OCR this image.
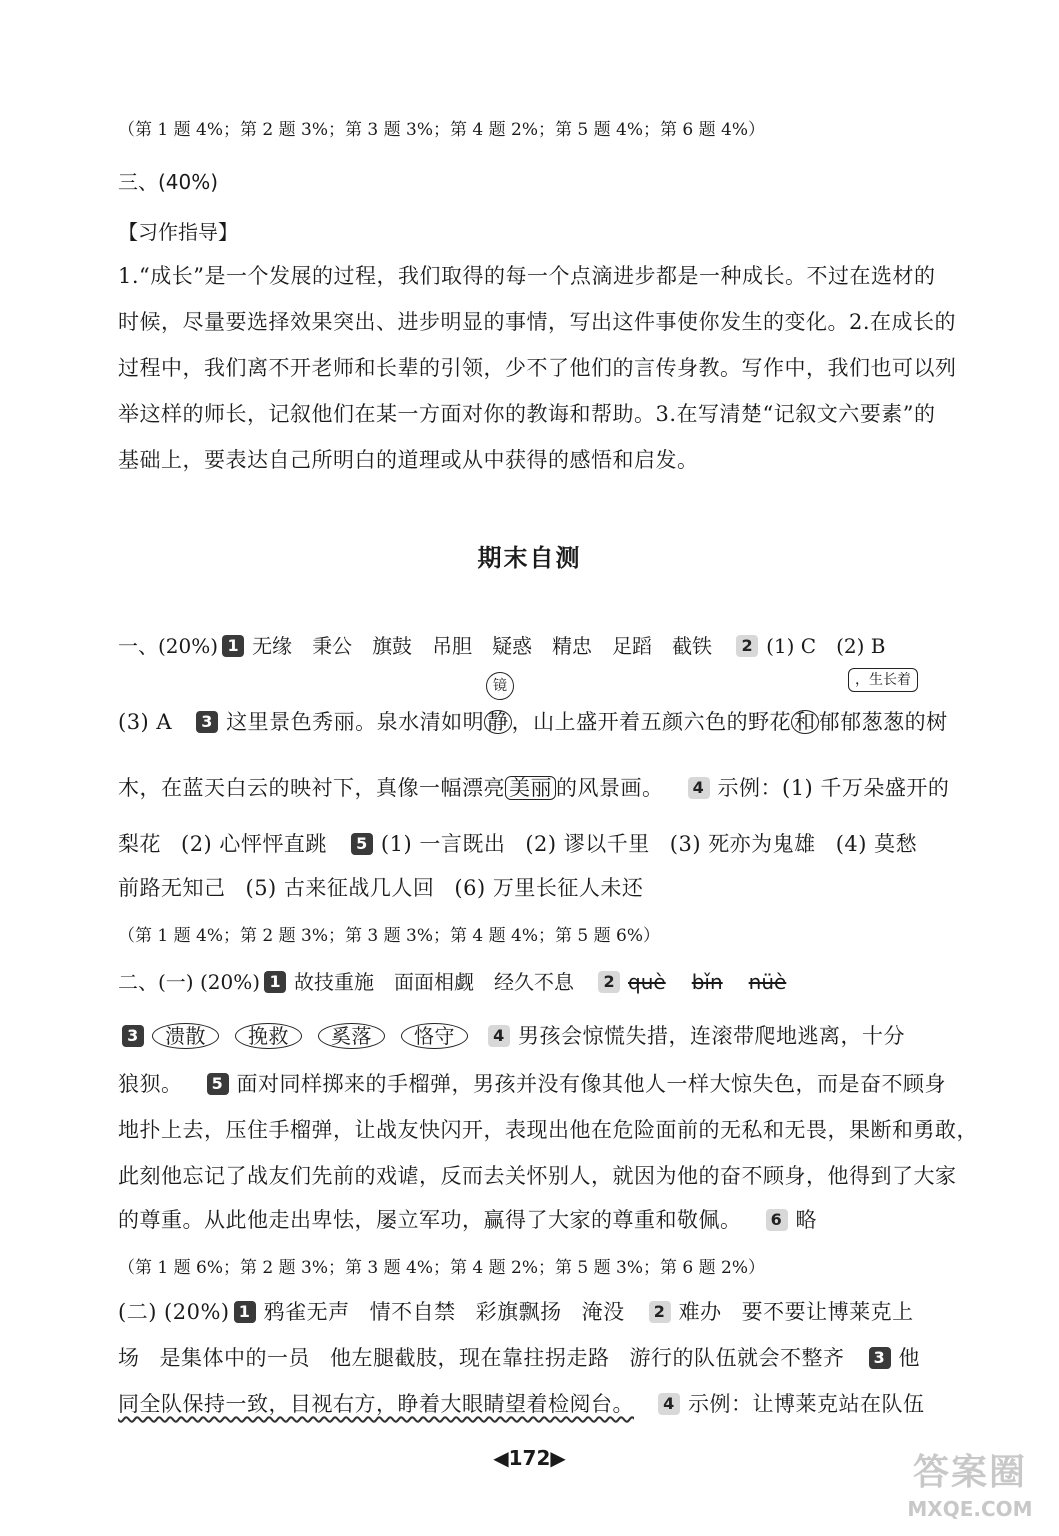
（第 1 题 4%；第 2 题 3%；第 3 题 3%；第 4 题 2%；第 5 题 4%；第 6 题 4%）
三、(40%)
【习作指导】
1.“成长”是一个发展的过程，我们取得的每一个点滴进步都是一种成长。不过在选材的
时候，尽量要选择效果突出、进步明显的事情，写出这件事使你发生的变化。2.在成长的
过程中，我们离不开老师和长辈的引领，少不了他们的言传身教。写作中，我们也可以列
举这样的师长，记叙他们在某一方面对你的教诲和帮助。3.在写清楚“记叙文六要素”的
基础上，要表达自己所明白的道理或从中获得的感悟和启发。
期末自测
一、(20%) 1 无缘 秉公 旗鼓 吊胆 疑惑 精忠 足蹈 截铁 2 (1) C (2) B
镜	，生长着
(3) A 3 这里景色秀丽。泉水清如明 静 ，山上盛开着五颜六色的野花 和 郁郁葱葱的树
木，在蓝天白云的映衬下，真像一幅漂亮 美丽 的风景画。 4 示例：(1) 千万朵盛开的
梨花 (2) 心怦怦直跳 5 (1) 一言既出 (2) 谬以千里 (3) 死亦为鬼雄 (4) 莫愁
前路无知己 (5) 古来征战几人回 (6) 万里长征人未还
（第 1 题 4%；第 2 题 3%；第 3 题 3%；第 4 题 4%；第 5 题 6%）
二、(一) (20%) 1 故技重施 面面相觑 经久不息 2 què bǐn nüè
3 溃散 挽救 奚落 恪守 4 男孩会惊慌失措，连滚带爬地逃离，十分
狼狈。 5 面对同样掷来的手榴弹，男孩并没有像其他人一样大惊失色，而是奋不顾身
地扑上去，压住手榴弹，让战友快闪开，表现出他在危险面前的无私和无畏，果断和勇敢，
此刻他忘记了战友们先前的戏谑，反而去关怀别人，就因为他的奋不顾身，他得到了大家
的尊重。从此他走出卑怯，屡立军功，赢得了大家的尊重和敬佩。 6 略
（第 1 题 6%；第 2 题 3%；第 3 题 4%；第 4 题 2%；第 5 题 3%；第 6 题 2%）
(二) (20%) 1 鸦雀无声 情不自禁 彩旗飘扬 淹没 2 难办 要不要让博莱克上
场 是集体中的一员 他左腿截肢，现在靠拄拐走路 游行的队伍就会不整齐 3 他
同全队保持一致，目视右方，睁着大眼睛望着检阅台。 4 示例：让博莱克站在队伍
◀172▶	答案圈
MXQE.COM
